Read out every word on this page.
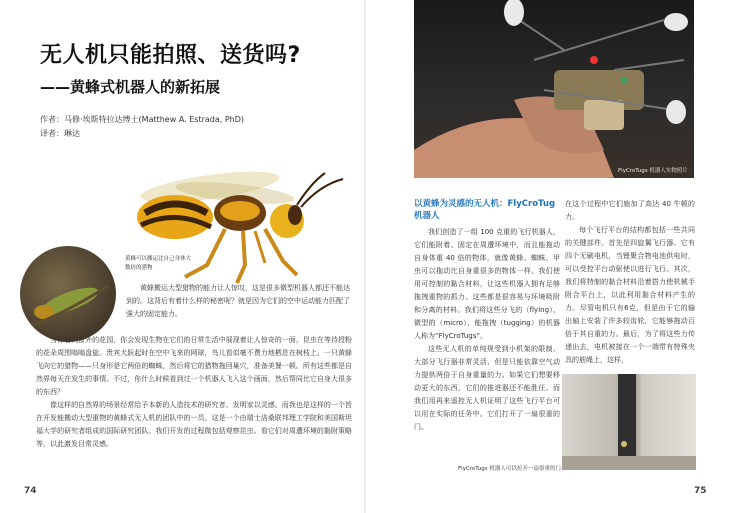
无人机只能拍照、送货吗?
——黄蜂式机器人的新拓展
作者：马修·埃斯特拉达博士(Matthew A. Estrada, PhD)
译者：琳达
黄蜂可以搬运比自己身体大数倍的猎物

黄蜂搬运大型猎物的能力让人惊叹，这是很多微型机器人都还不能达到的。这背后有着什么样的秘密呢？就是因为它们的空中运动能力匹配了强大的固定能力。

当你看向窗外的花园，你会发现生物在它们的日常生活中展现着让人惊奇的一面，昆虫在等待授粉的花朵周围嗡嗡盘旋。贵宾犬跃起时在空中飞来的网球，鸟儿看似毫不费力地栖息在树枝上。一只黄蜂飞向它的猎物——只身形是它两倍的蜘蛛，然后将它的猎物拖回巢穴，准备美餐一顿。所有这些都是自然界每天在发生的事情。不过，你什么时候看到过一个机器人飞入这个画面，然后帮同比它自身大很多的东西？

像这样的自然界的场景经常给予本新的人造技术的研究者、发明家以灵感。而我也是这样的一个旨在开发能搬动大型重物的黄蜂式无人机的团队中的一员。这是一个由瑞士洛桑联邦理工学院和美国斯坦福大学的研究者组成的国际研究团队。我们开发的过程微包括观察昆虫。看它们对周遭环境的黏附策略等，以此激发目常灵感。

74
FlyCroTugs 机器人实物照片
以黄蜂为灵感的无人机：FlyCroTug 机器人

我们创造了一组 100 克重的飞行机器人，它们能附着、固定在周遭环境中，而且能拖动自身体重 40 倍的物体，就像黄蜂、蜘蛛、甲虫可以拖动比自身重很多的物体一样。我们使用可控制的黏合材料，让这些机器人拥有足够拖拽重物的抓力。这些都是很容易与环境吸附和分离的材料。我们将这些分飞的（flying）、微型的（micro）、能拖拽（tugging）的机器人称为“FlyCroTugs”。

这些无人机的单纯规受到小机架的限制。大部分飞行器非常灵活，但是只能依靠空气动力提供两倍于自身重量的力。如果它们想要移动更大的东西，它们的推进器还不能胜任。而我们用再来遥控无人机证明了这些飞行平台可以用在实际的任务中。它们打开了一扇很重的门。

在这个过程中它们施加了高达 40 牛顿的力。

每个飞行平台的结构都包括一些共同的关键部件。首先是四旋翼飞行器。它有四个无刷电机，当锂聚合物电池供电时，可以受控平台动驱使以进行飞行。其次，我们将特制的黏合材料沿着搭力使机械手附合平台上，以此利用黏合材料产生的力。尽管电机只有6克，但是由于它的输出轴上安装了许多较齿轮，它能够拖动百倍于其自重的力。最后，为了将这些力传递出去，电机被接在一个一端带有特殊夹具的筋绳上，这样，

FlyCroTugs 机器人可以拉开一扇很重的门
75
